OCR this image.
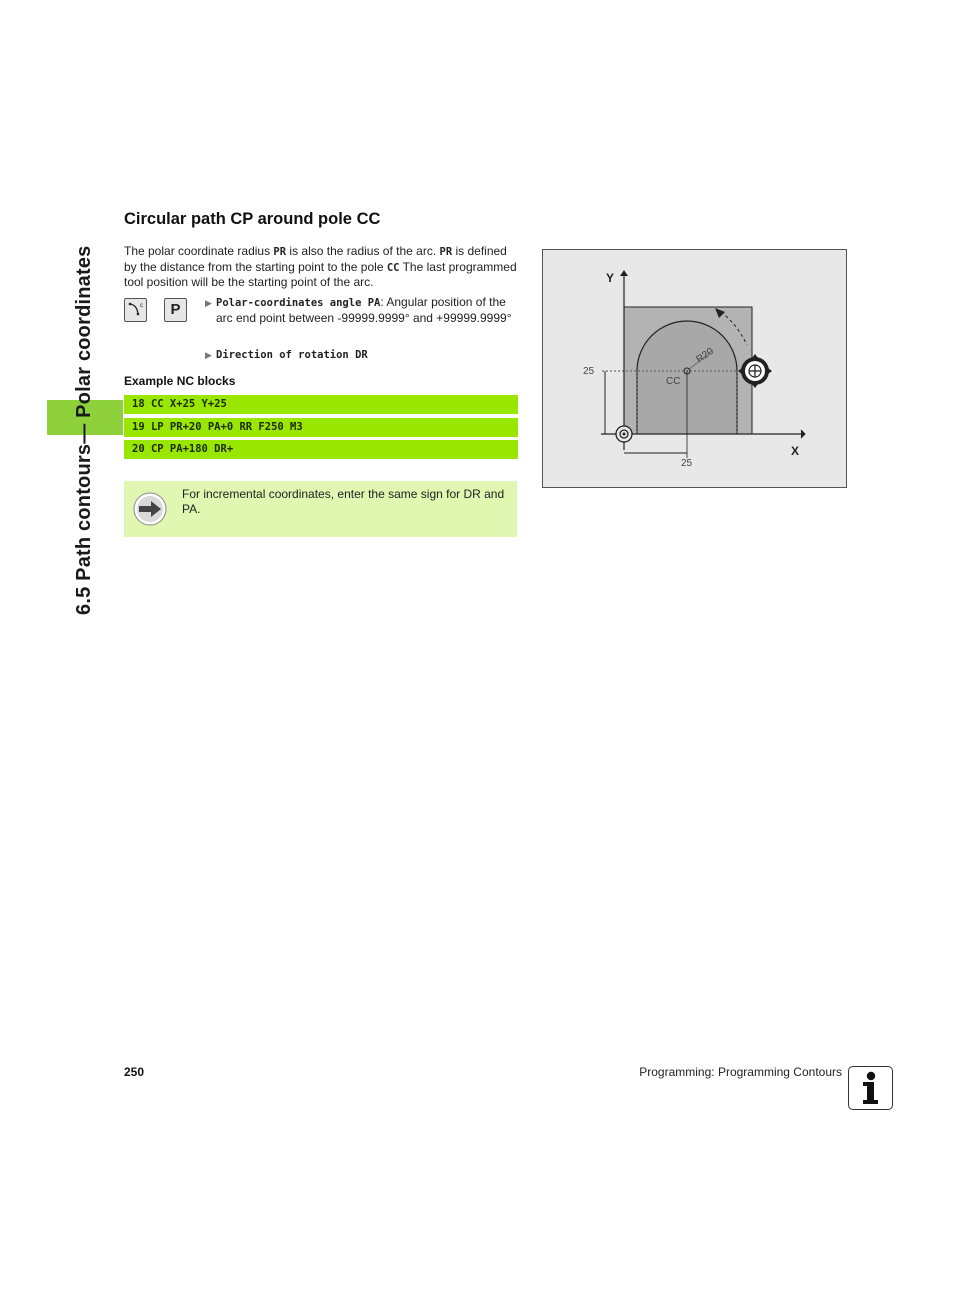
6.5 Path contours— Polar coordinates
Circular path CP around pole CC
The polar coordinate radius PR is also the radius of the arc. PR is defined by the distance from the starting point to the pole CC The last programmed tool position will be the starting point of the arc.
c	P	▶ Polar-coordinates angle PA: Angular position of the arc end point between -99999.9999° and +99999.9999°
▶ Direction of rotation DR
Example NC blocks
18 CC X+25 Y+25
19 LP PR+20 PA+0 RR F250 M3
20 CP PA+180 DR+
For incremental coordinates, enter the same sign for DR and PA.
Y
X
25
25
CC
R20
250	Programming: Programming Contours
